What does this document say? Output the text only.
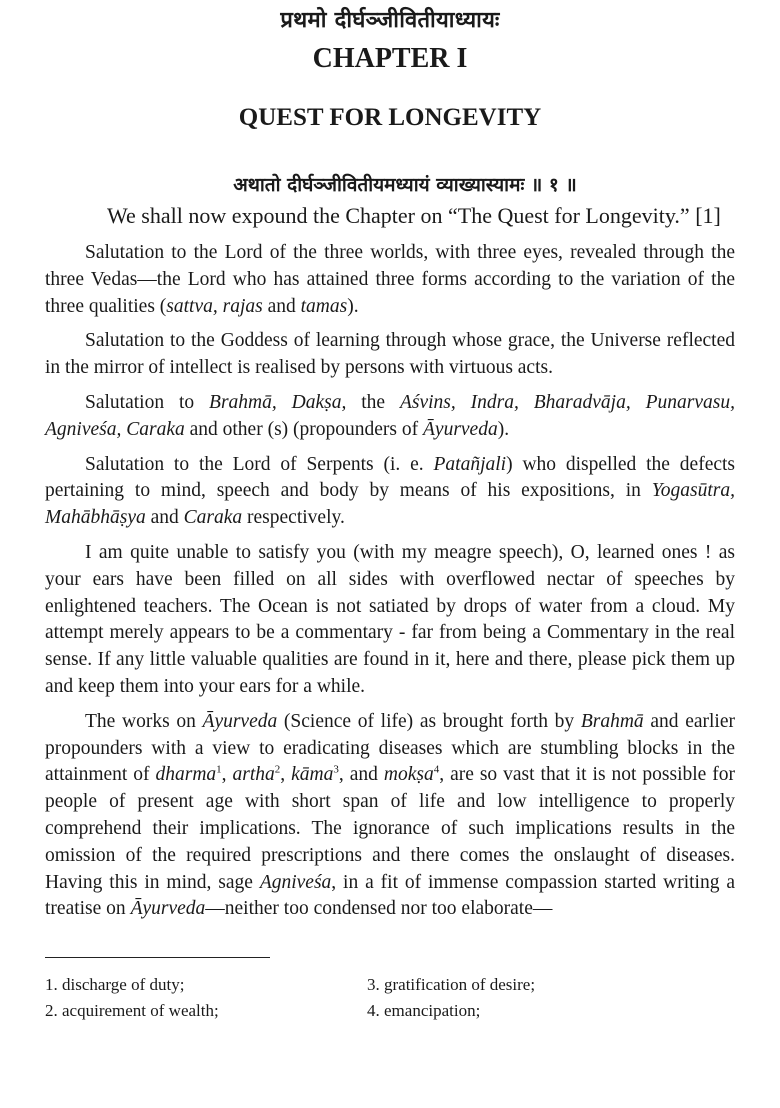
प्रथमो दीर्घञ्जीवितीयाध्यायः
CHAPTER I
QUEST FOR LONGEVITY
अथातो दीर्घञ्जीवितीयमध्यायं व्याख्यास्यामः ॥ १ ॥
We shall now expound the Chapter on “The Quest for Longevity.” [1]

Salutation to the Lord of the three worlds, with three eyes, revealed through the three Vedas—the Lord who has attained three forms according to the variation of the three qualities (sattva, rajas and tamas).

Salutation to the Goddess of learning through whose grace, the Universe reflected in the mirror of intellect is realised by persons with virtuous acts.

Salutation to Brahmā, Dakṣa, the Aśvins, Indra, Bharadvāja, Punarvasu, Agniveśa, Caraka and other (s) (propounders of Āyurveda).

Salutation to the Lord of Serpents (i. e. Patañjali) who dispelled the defects pertaining to mind, speech and body by means of his expositions, in Yogasūtra, Mahābhāṣya and Caraka respectively.

I am quite unable to satisfy you (with my meagre speech), O, learned ones ! as your ears have been filled on all sides with overflowed nectar of speeches by enlightened teachers. The Ocean is not satiated by drops of water from a cloud. My attempt merely appears to be a commentary - far from being a Commentary in the real sense. If any little valuable qualities are found in it, here and there, please pick them up and keep them into your ears for a while.

The works on Āyurveda (Science of life) as brought forth by Brahmā and earlier propounders with a view to eradicating diseases which are stumbling blocks in the attainment of dharma$^1$, artha$^2$, kāma$^3$, and mokṣa$^4$, are so vast that it is not possible for people of present age with short span of life and low intelligence to properly comprehend their implications. The ignorance of such implications results in the omission of the required prescriptions and there comes the onslaught of diseases. Having this in mind, sage Agniveśa, in a fit of immense compassion started writing a treatise on Āyurveda—neither too condensed nor too elaborate—

1. discharge of duty;	3. gratification of desire;
2. acquirement of wealth;	4. emancipation;
